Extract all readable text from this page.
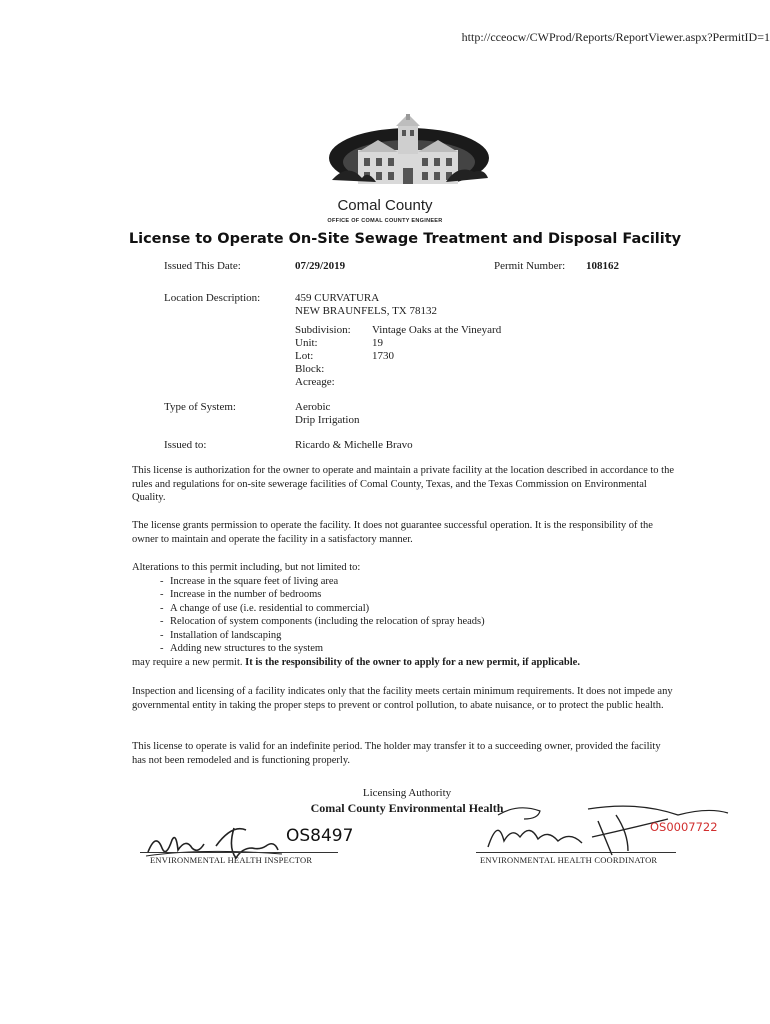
http://cceocw/CWProd/Reports/ReportViewer.aspx?PermitID=1
Comal County
OFFICE OF COMAL COUNTY ENGINEER
License to Operate On-Site Sewage Treatment and Disposal Facility
Issued This Date:	07/29/2019	Permit Number: 108162
Location Description:	459 CURVATURA
NEW BRAUNFELS, TX 78132
Subdivision: Vintage Oaks at the Vineyard
Unit:	19
Lot:	1730
Block:
Acreage:
Type of System:	Aerobic
Drip Irrigation
Issued to:	Ricardo & Michelle Bravo
This license is authorization for the owner to operate and maintain a private facility at the location described in accordance to the rules and regulations for on-site sewerage facilities of Comal County, Texas, and the Texas Commission on Environmental Quality.
The license grants permission to operate the facility. It does not guarantee successful operation. It is the responsibility of the owner to maintain and operate the facility in a satisfactory manner.
Alterations to this permit including, but not limited to:
- Increase in the square feet of living area
- Increase in the number of bedrooms
- A change of use (i.e. residential to commercial)
- Relocation of system components (including the relocation of spray heads)
- Installation of landscaping
- Adding new structures to the system
may require a new permit. It is the responsibility of the owner to apply for a new permit, if applicable.
Inspection and licensing of a facility indicates only that the facility meets certain minimum requirements. It does not impede any governmental entity in taking the proper steps to prevent or control pollution, to abate nuisance, or to protect the public health.
This license to operate is valid for an indefinite period. The holder may transfer it to a succeeding owner, provided the facility has not been remodeled and is functioning properly.
Licensing Authority
Comal County Environmental Health
OS8497
ENVIRONMENTAL HEALTH INSPECTOR
OS0007722
ENVIRONMENTAL HEALTH COORDINATOR
